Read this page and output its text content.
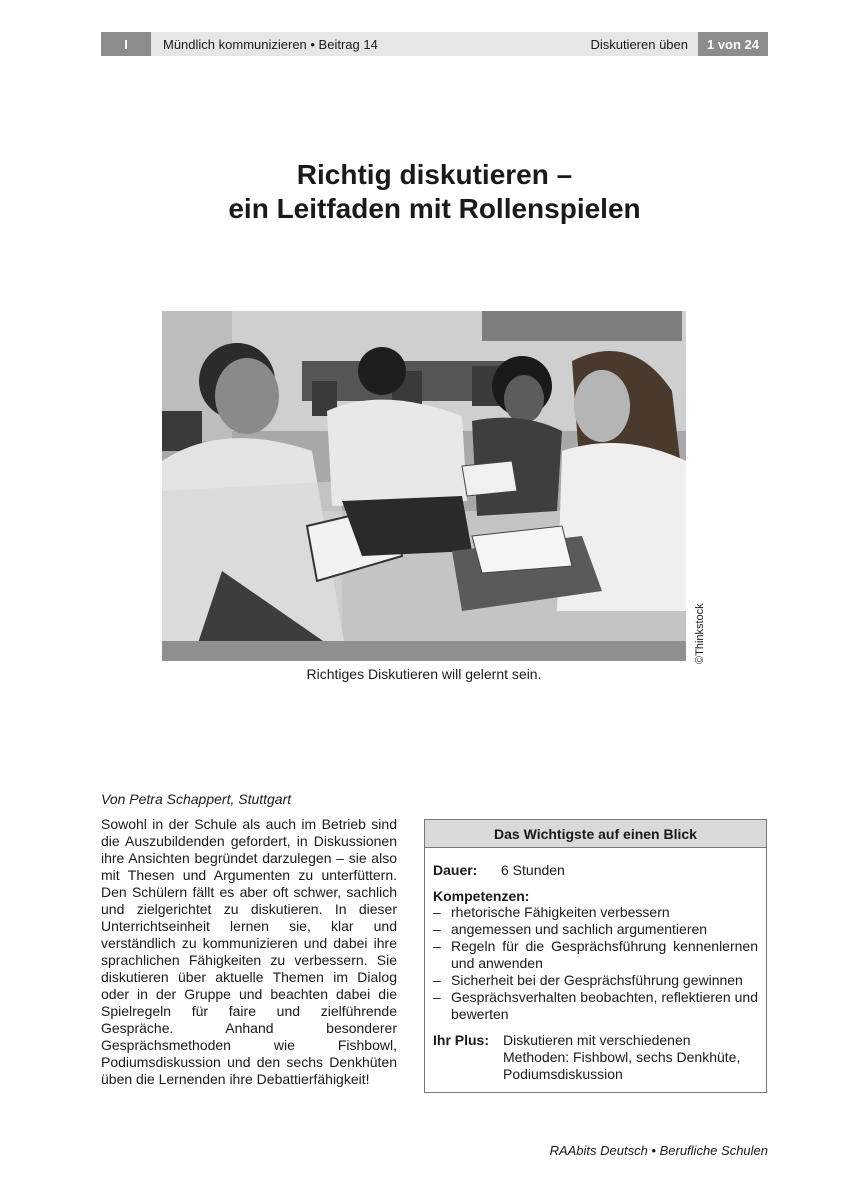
I	Mündlich kommunizieren • Beitrag 14	Diskutieren üben	1 von 24
Richtig diskutieren –
ein Leitfaden mit Rollenspielen
©Thinkstock
Richtiges Diskutieren will gelernt sein.
Von Petra Schappert, Stuttgart

Sowohl in der Schule als auch im Betrieb sind die Auszubildenden gefordert, in Diskussionen ihre Ansichten begründet darzulegen – sie also mit Thesen und Argumenten zu unterfüttern. Den Schülern fällt es aber oft schwer, sachlich und zielgerichtet zu diskutieren. In dieser Unterrichtseinheit lernen sie, klar und verständlich zu kommunizieren und dabei ihre sprachlichen Fähigkeiten zu verbessern. Sie diskutieren über aktuelle Themen im Dialog oder in der Gruppe und beachten dabei die Spielregeln für faire und zielführende Gespräche. Anhand besonderer Gesprächsmethoden wie Fishbowl, Podiumsdiskussion und den sechs Denkhüten üben die Lernenden ihre Debattierfähigkeit!

Das Wichtigste auf einen Blick
Dauer:	6 Stunden
Kompetenzen:
– rhetorische Fähigkeiten verbessern
– angemessen und sachlich argumentieren
– Regeln für die Gesprächsführung kennenlernen und anwenden
– Sicherheit bei der Gesprächsführung gewinnen
– Gesprächsverhalten beobachten, reflektieren und bewerten
Ihr Plus: Diskutieren mit verschiedenen Methoden: Fishbowl, sechs Denkhüte, Podiumsdiskussion
RAAbits Deutsch • Berufliche Schulen
